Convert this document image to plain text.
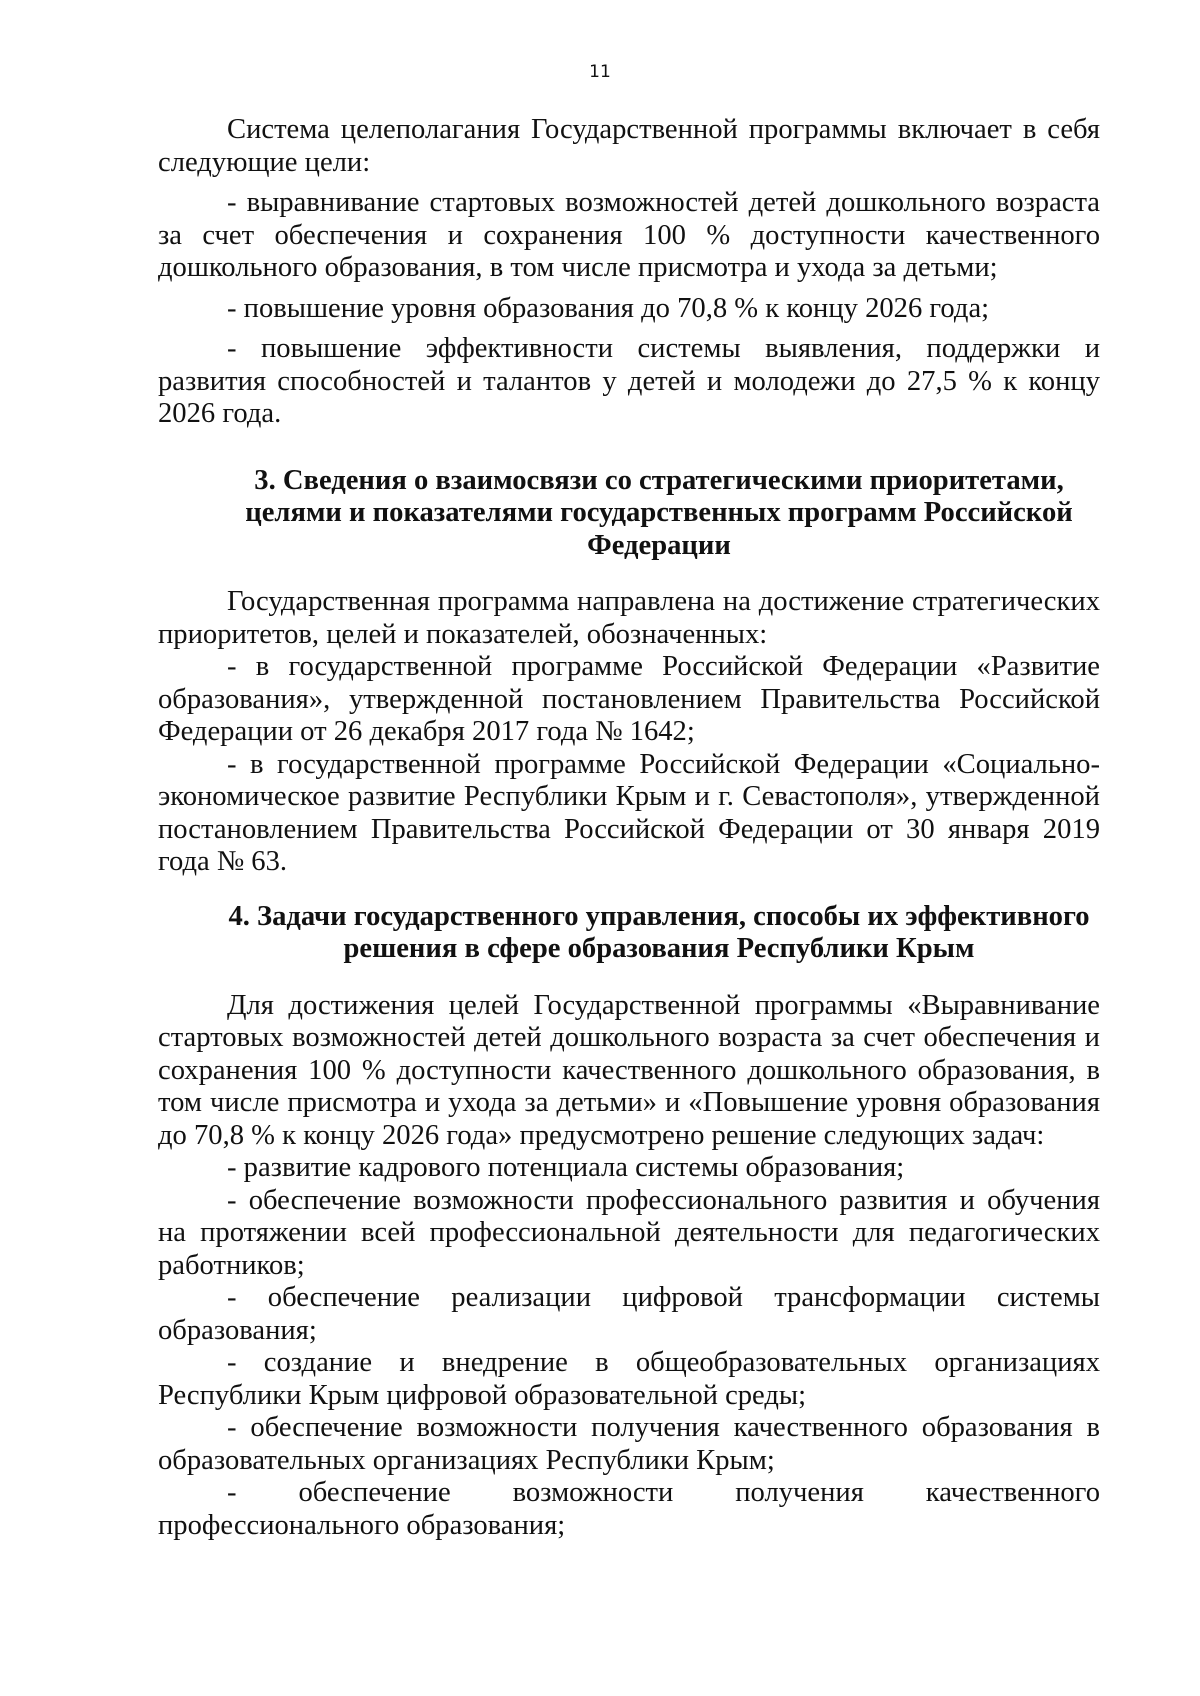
11

Система целеполагания Государственной программы включает в себя следующие цели:

- выравнивание стартовых возможностей детей дошкольного возраста за счет обеспечения и сохранения 100 % доступности качественного дошкольного образования, в том числе присмотра и ухода за детьми;

- повышение уровня образования до 70,8 % к концу 2026 года;

- повышение эффективности системы выявления, поддержки и развития способностей и талантов у детей и молодежи до 27,5 % к концу 2026 года.

3. Сведения о взаимосвязи со стратегическими приоритетами, целями и показателями государственных программ Российской Федерации

Государственная программа направлена на достижение стратегических приоритетов, целей и показателей, обозначенных:

- в государственной программе Российской Федерации «Развитие образования», утвержденной постановлением Правительства Российской Федерации от 26 декабря 2017 года № 1642;

- в государственной программе Российской Федерации «Социально-экономическое развитие Республики Крым и г. Севастополя», утвержденной постановлением Правительства Российской Федерации от 30 января 2019 года № 63.

4. Задачи государственного управления, способы их эффективного решения в сфере образования Республики Крым

Для достижения целей Государственной программы «Выравнивание стартовых возможностей детей дошкольного возраста за счет обеспечения и сохранения 100 % доступности качественного дошкольного образования, в том числе присмотра и ухода за детьми» и «Повышение уровня образования до 70,8 % к концу 2026 года» предусмотрено решение следующих задач:

- развитие кадрового потенциала системы образования;

- обеспечение возможности профессионального развития и обучения на протяжении всей профессиональной деятельности для педагогических работников;

- обеспечение реализации цифровой трансформации системы образования;

- создание и внедрение в общеобразовательных организациях Республики Крым цифровой образовательной среды;

- обеспечение возможности получения качественного образования в образовательных организациях Республики Крым;

- обеспечение возможности получения качественного профессионального образования;
